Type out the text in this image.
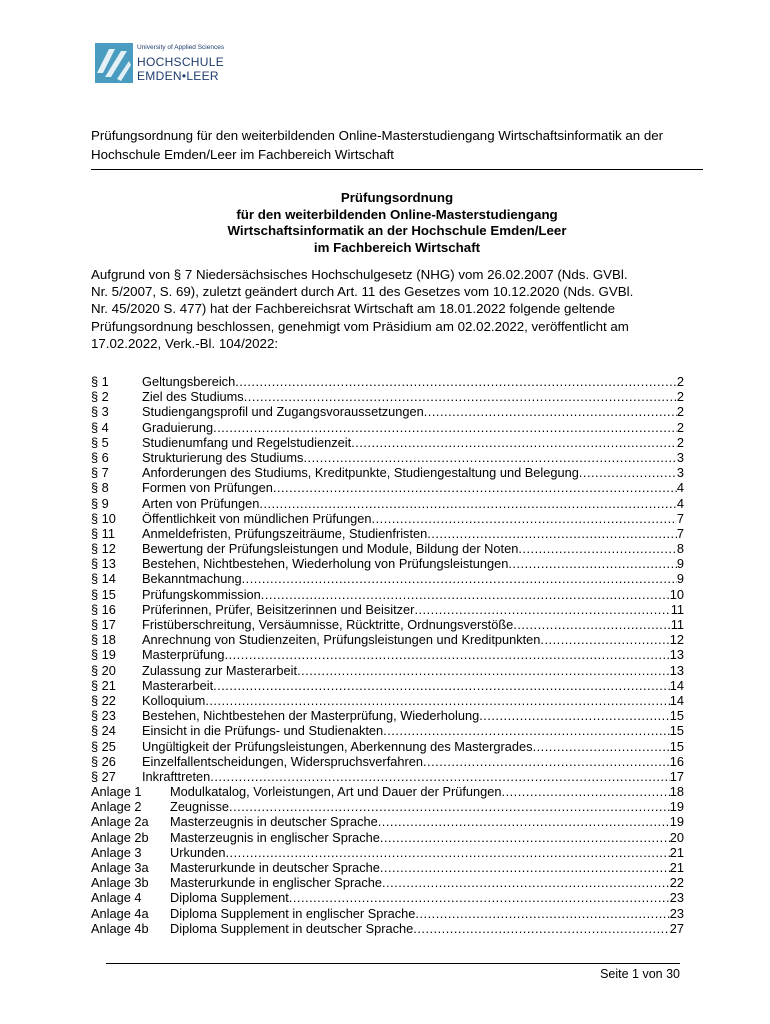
University of Applied Sciences
HOCHSCHULE
EMDEN•LEER
Prüfungsordnung für den weiterbildenden Online-Masterstudiengang Wirtschaftsinformatik an der Hochschule Emden/Leer im Fachbereich Wirtschaft
Prüfungsordnung
für den weiterbildenden Online-Masterstudiengang
Wirtschaftsinformatik an der Hochschule Emden/Leer
im Fachbereich Wirtschaft
Aufgrund von § 7 Niedersächsisches Hochschulgesetz (NHG) vom 26.02.2007 (Nds. GVBl.
Nr. 5/2007, S. 69), zuletzt geändert durch Art. 11 des Gesetzes vom 10.12.2020 (Nds. GVBl.
Nr. 45/2020 S. 477) hat der Fachbereichsrat Wirtschaft am 18.01.2022 folgende geltende
Prüfungsordnung beschlossen, genehmigt vom Präsidium am 02.02.2022, veröffentlicht am
17.02.2022, Verk.-Bl. 104/2022:
§ 1	Geltungsbereich .....	2
§ 2	Ziel des Studiums .....	2
§ 3	Studiengangsprofil und Zugangsvoraussetzungen .....	2
§ 4	Graduierung .....	2
§ 5	Studienumfang und Regelstudienzeit .....	2
§ 6	Strukturierung des Studiums .....	3
§ 7	Anforderungen des Studiums, Kreditpunkte, Studiengestaltung und Belegung .....	3
§ 8	Formen von Prüfungen .....	4
§ 9	Arten von Prüfungen .....	4
§ 10	Öffentlichkeit von mündlichen Prüfungen .....	7
§ 11	Anmeldefristen, Prüfungszeiträume, Studienfristen .....	7
§ 12	Bewertung der Prüfungsleistungen und Module, Bildung der Noten .....	8
§ 13	Bestehen, Nichtbestehen, Wiederholung von Prüfungsleistungen .....	9
§ 14	Bekanntmachung .....	9
§ 15	Prüfungskommission .....	10
§ 16	Prüferinnen, Prüfer, Beisitzerinnen und Beisitzer .....	11
§ 17	Fristüberschreitung, Versäumnisse, Rücktritte, Ordnungsverstöße .....	11
§ 18	Anrechnung von Studienzeiten, Prüfungsleistungen und Kreditpunkten .....	12
§ 19	Masterprüfung .....	13
§ 20	Zulassung zur Masterarbeit .....	13
§ 21	Masterarbeit .....	14
§ 22	Kolloquium .....	14
§ 23	Bestehen, Nichtbestehen der Masterprüfung, Wiederholung .....	15
§ 24	Einsicht in die Prüfungs- und Studienakten .....	15
§ 25	Ungültigkeit der Prüfungsleistungen, Aberkennung des Mastergrades .....	15
§ 26	Einzelfallentscheidungen, Widerspruchsverfahren .....	16
§ 27	Inkrafttreten .....	17
Anlage 1	Modulkatalog, Vorleistungen, Art und Dauer der Prüfungen .....	18
Anlage 2	Zeugnisse .....	19
Anlage 2a	Masterzeugnis in deutscher Sprache .....	19
Anlage 2b	Masterzeugnis in englischer Sprache .....	20
Anlage 3	Urkunden .....	21
Anlage 3a	Masterurkunde in deutscher Sprache .....	21
Anlage 3b	Masterurkunde in englischer Sprache .....	22
Anlage 4	Diploma Supplement .....	23
Anlage 4a	Diploma Supplement in englischer Sprache .....	23
Anlage 4b	Diploma Supplement in deutscher Sprache .....	27
Seite 1 von 30
